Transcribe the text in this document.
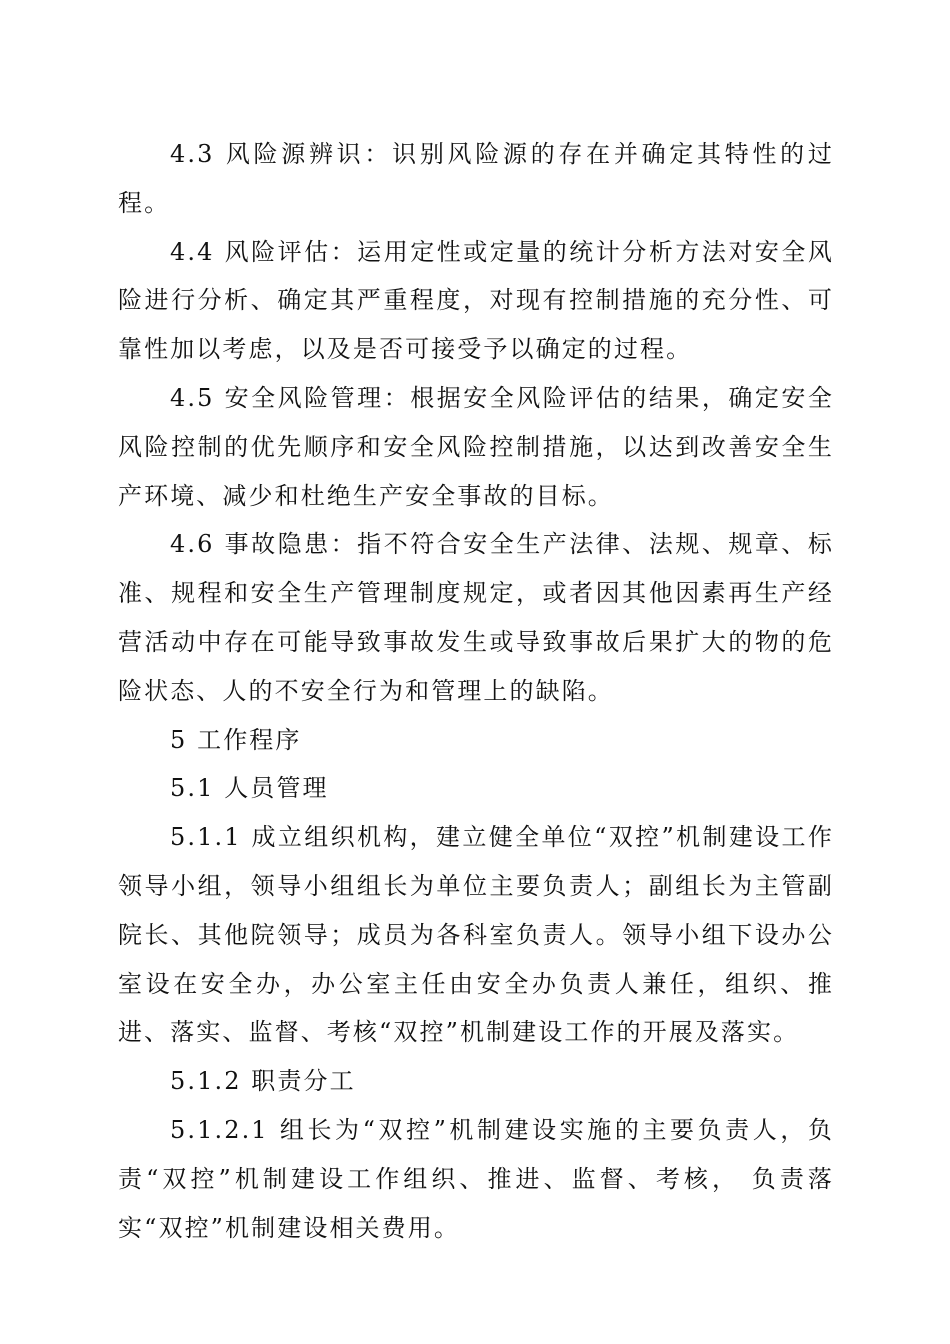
4.3 风险源辨识：识别风险源的存在并确定其特性的过程。

4.4 风险评估：运用定性或定量的统计分析方法对安全风险进行分析、确定其严重程度，对现有控制措施的充分性、可靠性加以考虑，以及是否可接受予以确定的过程。

4.5 安全风险管理：根据安全风险评估的结果，确定安全风险控制的优先顺序和安全风险控制措施，以达到改善安全生产环境、减少和杜绝生产安全事故的目标。

4.6 事故隐患：指不符合安全生产法律、法规、规章、标准、规程和安全生产管理制度规定，或者因其他因素再生产经营活动中存在可能导致事故发生或导致事故后果扩大的物的危险状态、人的不安全行为和管理上的缺陷。

5 工作程序

5.1 人员管理

5.1.1 成立组织机构，建立健全单位“双控”机制建设工作领导小组，领导小组组长为单位主要负责人；副组长为主管副院长、其他院领导；成员为各科室负责人。领导小组下设办公室设在安全办，办公室主任由安全办负责人兼任，组织、推进、落实、监督、考核“双控”机制建设工作的开展及落实。

5.1.2 职责分工

5.1.2.1 组长为“双控”机制建设实施的主要负责人，负责“双控”机制建设工作组织、推进、监督、考核， 负责落实“双控”机制建设相关费用。
